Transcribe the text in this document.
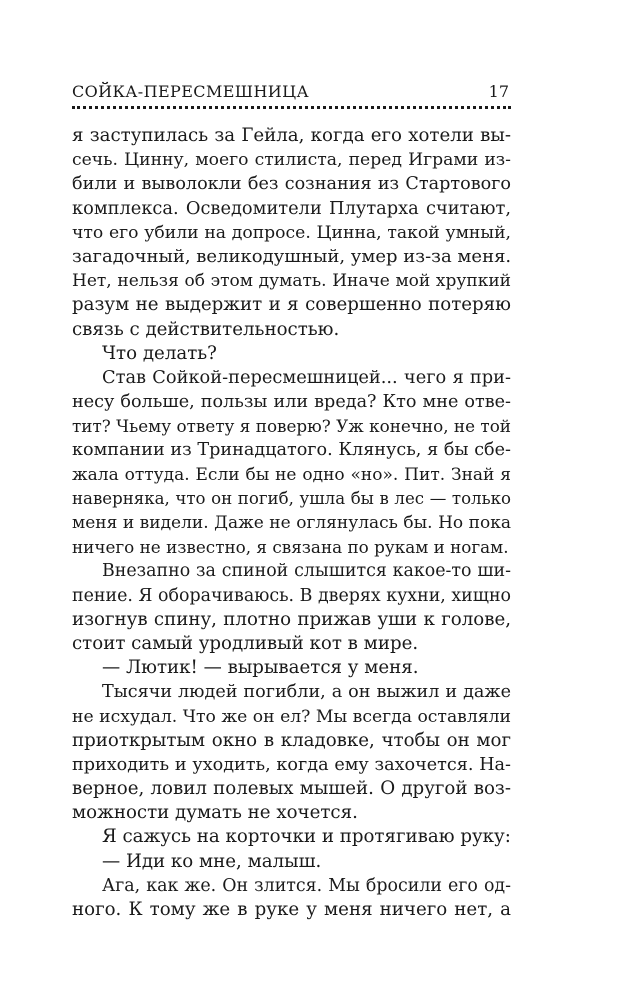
СОЙКА-ПЕРЕСМЕШНИЦА	17
я заступилась за Гейла, когда его хотели вы-
сечь. Цинну, моего стилиста, перед Играми из-
били и выволокли без сознания из Стартового
комплекса. Осведомители Плутарха считают,
что его убили на допросе. Цинна, такой умный,
загадочный, великодушный, умер из-за меня.
Нет, нельзя об этом думать. Иначе мой хрупкий
разум не выдержит и я совершенно потеряю
связь с действительностью.
Что делать?
Став Сойкой-пересмешницей... чего я при-
несу больше, пользы или вреда? Кто мне отве-
тит? Чьему ответу я поверю? Уж конечно, не той
компании из Тринадцатого. Клянусь, я бы сбе-
жала оттуда. Если бы не одно «но». Пит. Знай я
наверняка, что он погиб, ушла бы в лес — только
меня и видели. Даже не оглянулась бы. Но пока
ничего не известно, я связана по рукам и ногам.
Внезапно за спиной слышится какое-то ши-
пение. Я оборачиваюсь. В дверях кухни, хищно
изогнув спину, плотно прижав уши к голове,
стоит самый уродливый кот в мире.
— Лютик! — вырывается у меня.
Тысячи людей погибли, а он выжил и даже
не исхудал. Что же он ел? Мы всегда оставляли
приоткрытым окно в кладовке, чтобы он мог
приходить и уходить, когда ему захочется. На-
верное, ловил полевых мышей. О другой воз-
можности думать не хочется.
Я сажусь на корточки и протягиваю руку:
— Иди ко мне, малыш.
Ага, как же. Он злится. Мы бросили его од-
ного. К тому же в руке у меня ничего нет, а
